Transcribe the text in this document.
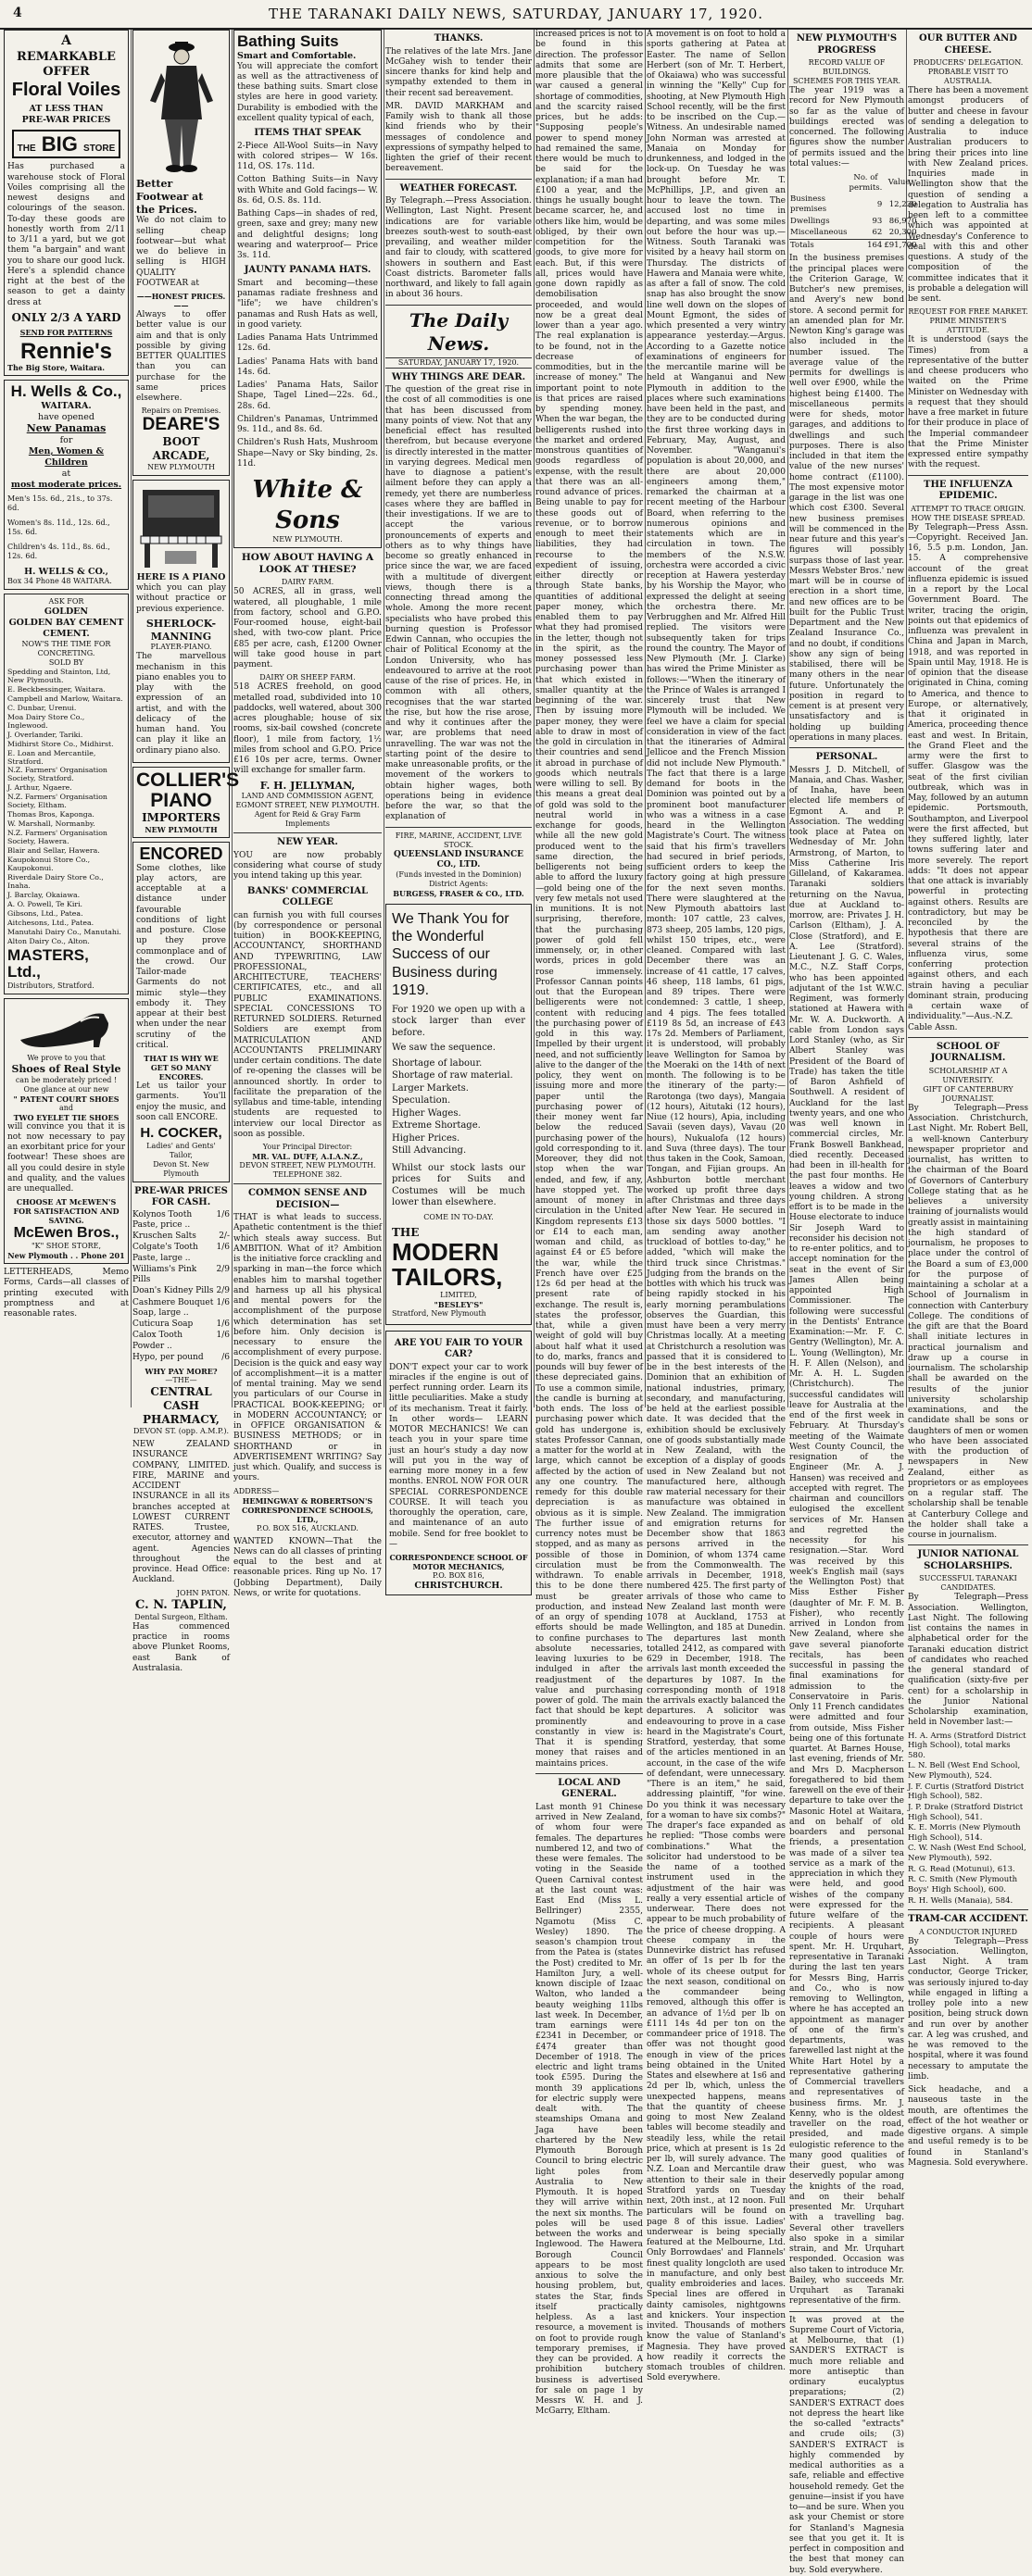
4	THE TARANAKI DAILY NEWS, SATURDAY, JANUARY 17, 1920.
A
REMARKABLE
OFFER
Floral Voiles
AT LESS THAN
PRE-WAR PRICES
THE BIG STORE

Has purchased a warehouse stock of Floral Voiles comprising all the newest designs and colourings of the season. To-day these goods are honestly worth from 2/11 to 3/11 a yard, but we got them "a bargain" and want you to share our good luck. Here's a splendid chance right at the best of the season to get a dainty dress at

ONLY 2/3 A YARD
SEND FOR PATTERNS
Rennie's
The Big Store, Waitara.
H. Wells & Co.,
WAITARA.
have opened
New Panamas
for
Men, Women & Children
at
most moderate prices.
Men's 15s. 6d., 21s., to 37s. 6d.
Women's 8s. 11d., 12s. 6d., 15s. 6d.
Children's 4s. 11d., 8s. 6d., 12s. 6d.
H. WELLS & CO.,
Box 34 Phone 48 WAITARA.
ASK FOR
GOLDEN
GOLDEN BAY CEMENT
CEMENT.
NOW'S THE TIME FOR CONCRETING.
SOLD BY
Spedding and Stainton, Ltd, New Plymouth.
E. Beckbessinger, Waitara.
Campbell and Marlow, Waitara.
C. Dunbar, Urenui.
Moa Dairy Store Co., Inglewood.
J. Overlander, Tariki.
Midhirst Store Co., Midhirst.
E. Loan and Mercantile, Stratford.
N.Z. Farmers' Organisation Society, Stratford.
J. Arthur, Ngaere.
N.Z. Farmers' Organisation Society, Eltham.
Thomas Bros, Kaponga.
W. Marshall, Normanby.
N.Z. Farmers' Organisation Society, Hawera.
Blair and Sellar, Hawera.
Kaupokonui Store Co., Kaupokonui.
Riverdale Dairy Store Co., Inaha.
J. Barclay, Okaiawa.
A. O. Powell, Te Kiri.
Gibsons, Ltd., Patea.
Aitchesons, Ltd., Patea.
Manutahi Dairy Co., Manutahi.
Alton Dairy Co., Alton.
MASTERS, Ltd.,
Distributors, Stratford.
We prove to you that
Shoes of Real Style
can be moderately priced !
One glance at our new
" PATENT COURT SHOES
and
TWO EYELET TIE SHOES

will convince you that it is not now necessary to pay an exorbitant price for your footwear! These shoes are all you could desire in style and quality, and the values are unequalled.

CHOOSE AT McEWEN'S FOR SATISFACTION AND SAVING.
McEwen Bros.,
"K" SHOE STORE,
New Plymouth . . Phone 201

LETTERHEADS, Memo Forms, Cards—all classes of printing executed with promptness and at reasonable rates.

Better Footwear at
the Prices.

We do not claim to selling cheap footwear—but what we do believe in selling is HIGH QUALITY FOOTWEAR at

——HONEST PRICES.——

Always to offer better value is our aim and that is only possible by giving BETTER QUALITIES than you can purchase for the same prices elsewhere.

Repairs on Premises.
DEARE'S
BOOT ARCADE,
NEW PLYMOUTH
HERE IS A PIANO

which you can play without practice or previous experience.

SHERLOCK-MANNING
PLAYER-PIANO.

The marvellous mechanism in this piano enables you to play with the expression of an artist, and with the delicacy of the human hand. You can play it like an ordinary piano also.

COLLIER'S
PIANO
IMPORTERS
NEW PLYMOUTH
ENCORED

Some clothes, like play actors, are acceptable at a distance under favourable conditions of light and posture. Close up they prove commonplace and of the crowd. Our Tailor-made Garments do not mimic style—they embody it. They appear at their best when under the near scrutiny of the critical.

THAT IS WHY WE GET SO MANY ENCORES.

Let us tailor your garments. You'll enjoy the music, and soon call ENCORE.

H. COCKER,
Ladies' and Gents' Tailor,
Devon St. New Plymouth
PRE-WAR PRICES FOR CASH.
Kolynos Tooth Paste, price ..
1/6
Kruschen Salts	2/-
Colgate's Tooth Paste, large ..
1/6
Williams's Pink Pills
2/9
Doan's Kidney Pills 2/9
Cashmere Bouquet Soap, large ..
1/6
Cuticura Soap	1/6
Calox Tooth Powder ..
1/6
Hypo, per pound /6
WHY PAY MORE?
—THE—
CENTRAL CASH
PHARMACY,
DEVON ST. (opp. A.M.P.).

NEW ZEALAND INSURANCE COMPANY, LIMITED. FIRE, MARINE and ACCIDENT INSURANCE in all its branches accepted at LOWEST CURRENT RATES. Trustee, executor, attorney and agent. Agencies throughout the province. Head Office: Auckland.

JOHN PATON.
C. N. TAPLIN,
Dental Surgeon, Eltham.

Has commenced practice in rooms above Plunket Rooms, east Bank of Australasia.

Bathing Suits
Smart and Comfortable.

You will appreciate the comfort as well as the attractiveness of these bathing suits. Smart close styles are here in good variety. Durability is embodied with the excellent quality typical of each,

ITEMS THAT SPEAK

2-Piece All-Wool Suits—in Navy with colored stripes— W 16s. 11d, OS. 17s. 11d.

Cotton Bathing Suits—in Navy with White and Gold facings— W. 8s. 6d, O.S. 8s. 11d.

Bathing Caps—in shades of red, green, saxe and grey; many new and delightful designs; long wearing and waterproof— Price 3s. 11d.

JAUNTY PANAMA HATS.

Smart and becoming—these panamas radiate freshness and "life"; we have children's panamas and Rush Hats as well, in good variety.

Ladies Panama Hats Untrimmed 12s. 6d.

Ladies' Panama Hats with band 14s. 6d.

Ladies' Panama Hats, Sailor Shape, Tagel Lined—22s. 6d., 28s. 6d.

Children's Panamas, Untrimmed 9s. 11d., and 8s. 6d.

Children's Rush Hats, Mushroom Shape—Navy or Sky binding, 2s. 11d.

White & Sons
NEW PLYMOUTH.
HOW ABOUT HAVING A LOOK AT THESE?
DAIRY FARM.

50 ACRES, all in grass, well watered, all ploughable, 1 mile from factory, school and G.P.O. Four-roomed house, eight-bail shed, with two-cow plant. Price £85 per acre, cash, £1200 Owner will take good house in part payment.

DAIRY OR SHEEP FARM.

518 ACRES freehold, on good metalled road, subdivided into 10 paddocks, well watered, about 300 acres ploughable; house of six rooms, six-bail cowshed (concrete floor), 1 mile from factory, 1½ miles from school and G.P.O. Price £16 10s per acre, terms. Owner will exchange for smaller farm.

F. H. JELLYMAN,
LAND AND COMMISSION AGENT, EGMONT STREET, NEW PLYMOUTH.
Agent for Reid & Gray Farm Implements
NEW YEAR.

YOU are now probably considering what course of study you intend taking up this year.

BANKS' COMMERCIAL COLLEGE

can furnish you with full courses (by correspondence or personal tuition) in BOOK-KEEPING, ACCOUNTANCY, SHORTHAND AND TYPEWRITING, LAW PROFESSIONAL, ARCHITECTURE, TEACHERS' CERTIFICATES, etc., and all PUBLIC EXAMINATIONS. SPECIAL CONCESSIONS TO RETURNED SOLDIERS. Returned Soldiers are exempt from MATRICULATION AND ACCOUNTANTS PRELIMINARY under certain conditions. The date of re-opening the classes will be announced shortly. In order to facilitate the preparation of the syllabus and time-table, intending students are requested to interview our local Director as soon as possible.

Your Principal Director:
MR. VAL. DUFF, A.I.A.N.Z.,
DEVON STREET, NEW PLYMOUTH.
TELEPHONE 382.
COMMON SENSE AND DECISION—

THAT is what leads to success. Apathetic contentment is the thief which steals away success. But AMBITION. What of it? Ambition is the initiative force crackling and sparking in man—the force which enables him to marshal together and harness up all his physical and mental powers for the accomplishment of the purpose which determination has set before him. Only decision is necessary to ensure the accomplishment of every purpose. Decision is the quick and easy way of accomplishment—it is a matter of mental training. May we send you particulars of our Course in PRACTICAL BOOK-KEEPING; or in MODERN ACCOUNTANCY; or in OFFICE ORGANISATION & BUSINESS METHODS; or in SHORTHAND or in ADVERTISEMENT WRITING? Say just which. Qualify, and success is yours.

ADDRESS—
HEMINGWAY & ROBERTSON'S CORRESPONDENCE SCHOOLS, LTD.,
P.O. BOX 516, AUCKLAND.

WANTED KNOWN—That the News can do all classes of printing equal to the best and at reasonable prices. Ring up No. 17 (Jobbing Department), Daily News, or write for quotations.

THANKS.

The relatives of the late Mrs. Jane McGahey wish to tender their sincere thanks for kind help and sympathy extended to them in their recent sad bereavement.

MR. DAVID MARKHAM and Family wish to thank all those kind friends who by their messages of condolence and expressions of sympathy helped to lighten the grief of their recent bereavement.

WEATHER FORECAST.

By Telegraph.—Press Association. Wellington, Last Night. Present indications are for variable breezes south-west to south-east prevailing, and weather milder and fair to cloudy, with scattered showers in southern and East Coast districts. Barometer falls northward, and likely to fall again in about 36 hours.

The Daily News.
SATURDAY, JANUARY 17, 1920.
WHY THINGS ARE DEAR.

The question of the great rise in the cost of all commodities is one that has been discussed from many points of view. Not that any beneficial effect has resulted therefrom, but because everyone is directly interested in the matter in varying degrees. Medical men have to diagnose a patient's ailment before they can apply a remedy, yet there are numberless cases where they are baffled in their investigations. If we are to accept the various pronouncements of experts and others as to why things have become so greatly enhanced in price since the war, we are faced with a multitude of divergent views, though there is a connecting thread among the whole. Among the more recent specialists who have probed this burning question is Professor Edwin Cannan, who occupies the chair of Political Economy at the London University, who has endeavoured to arrive at the root cause of the rise of prices. He, in common with all others, recognises that the war started the rise, but how the rise arose, and why it continues after the war, are problems that need unravelling. The war was not the starting point of the desire to make unreasonable profits, or the movement of the workers to obtain higher wages, both operations being in evidence before the war, so that the explanation of

FIRE, MARINE, ACCIDENT, LIVE STOCK.
QUEENSLAND INSURANCE CO., LTD.
(Funds invested in the Dominion) District Agents:
BURGESS, FRASER & CO., LTD.
We Thank You for the Wonderful Success of our Business during 1919.

For 1920 we open up with a stock larger than ever before.

We saw the sequence.
Shortage of labour.
Shortage of raw material.
Larger Markets.
Speculation.
Higher Wages.
Extreme Shortage.
Higher Prices.
Still Advancing.

Whilst our stock lasts our prices for Suits and Costumes will be much lower than elsewhere.

COME IN TO-DAY.
THE
MODERN
TAILORS,
LIMITED,
"BESLEY'S"
Stratford, New Plymouth
ARE YOU FAIR TO YOUR CAR?

DON'T expect your car to work miracles if the engine is out of perfect running order. Learn its little peculiarities. Make a study of its mechanism. Treat it fairly. In other words— LEARN MOTOR MECHANICS! We can teach you in your spare time just an hour's study a day now will put you in the way of earning more money in a few months. ENROL NOW FOR OUR SPECIAL CORRESPONDENCE COURSE. It will teach you thoroughly the operation, care, and maintenance of an auto mobile. Send for free booklet to—

CORRESPONDENCE SCHOOL OF MOTOR MECHANICS,
P.O. BOX 816,
CHRISTCHURCH.

increased prices is not to be found in this direction. The professor admits that some are more plausible that the war caused a general shortage of commodities, and the scarcity raised prices, but he adds: "Supposing people's power to spend money had remained the same, there would be much to be said for the explanation; if a man had £100 a year, and the things he usually bought became scarcer, he, and others like him, would be obliged, by their own competition for the goods, to give more for each. But, if this were all, prices would have gone down rapidly as demobilisation proceeded, and would now be a great deal lower than a year ago. The real explanation is to be found, not in the decrease of commodities, but in the increase of money." The important point to note is that prices are raised by spending money. When the war began, the belligerents rushed into the market and ordered monstrous quantities of goods regardless of expense, with the result that there was an all-round advance of prices. Being unable to pay for these goods out of revenue, or to borrow enough to meet their liabilities, they had recourse to the expedient of issuing, either directly or through State banks, quantities of additional paper money, which enabled them to pay what they had promised in the letter, though not in the spirit, as the money possessed less purchasing power than that which existed in smaller quantity at the beginning of the war. Then by issuing more paper money, they were able to draw in most of the gold in circulation in their countries and send it abroad in purchase of goods which neutrals were willing to sell. By this means a great deal of gold was sold to the neutral world in exchange for goods, while all the new gold produced went to the same direction, the belligerents not being able to afford the luxury—gold being one of the very few metals not used in munitions. It is not surprising, therefore, that the purchasing power of gold fell immensely, or, in other words, prices in gold rose immensely. Professor Cannan points out that the European belligerents were not content with reducing the purchasing power of gold in this way. Impelled by their urgent need, and not sufficiently alive to the danger of the policy, they went on issuing more and more paper until the purchasing power of their money went far below the reduced purchasing power of the gold corresponding to it. Moreover, they did not stop when the war ended, and few, if any, have stopped yet. The amount of money in circulation in the United Kingdom represents £13 or £14 to each man, woman and child, as against £4 or £5 before the war, while the French have over £25 12s 6d per head at the present rate of exchange. The result is, states the professor, that, while a given weight of gold will buy about half what it used to do, marks, francs and pounds will buy fewer of these depreciated gains. To use a common simile, the candle is burning at both ends. The loss of purchasing power which gold has undergone is, states Professor Cannan, a matter for the world at large, which cannot be affected by the action of any one country. The remedy for this double depreciation is as obvious as it is simple. The further issue of currency notes must be stopped, and as many as possible of those in circulation must be withdrawn. To enable this to be done there must be greater production, and instead of an orgy of spending efforts should be made to confine purchases to absolute necessaries, leaving luxuries to be indulged in after the readjustment of the value and purchasing power of gold. The main fact that should be kept prominently and constantly in view is: That it is spending money that raises and maintains prices.

LOCAL AND GENERAL.

Last month 91 Chinese arrived in New Zealand, of whom four were females. The departures numbered 12, and two of these were females. The voting in the Seaside Queen Carnival contest at the last count was: East End (Miss L. Bellringer) 2355, Ngamotu (Miss C. Wesley) 1890. The season's champion trout from the Patea is (states the Post) credited to Mr. Hamilton Jury, a well-known disciple of Izaac Walton, who landed a beauty weighing 11lbs last week. In December, tram earnings were £2341 in December, or £474 greater than December of 1918. The electric and light trams took £595. During the month 39 applications for electric supply were dealt with. The steamships Omana and Jaga have been chartered by the New Plymouth Borough Council to bring electric light poles from Australia to New Plymouth. It is hoped they will arrive within the next six months. The poles will be used between the works and Inglewood. The Hawera Borough Council appears to be most anxious to solve the housing problem, but, states the Star, finds itself practically helpless. As a last resource, a movement is on foot to provide rough temporary premises, if they can be provided. A prohibition butchery business is advertised for sale on page 1 by Messrs W. H. and J. McGarry, Eltham.

A movement is on foot to hold a sports gathering at Patea at Easter. The name of Sellon Herbert (son of Mr. T. Herbert, of Okaiawa) who was successful in winning the "Kelly" Cup for shooting, at New Plymouth High School recently, will be the first to be inscribed on the Cup.—Witness. An undesirable named John Norman was arrested at Manaia on Monday for drunkenness, and lodged in the lock-up. On Tuesday he was brought before Mr. T. McPhillips, J.P., and given an hour to leave the town. The accused lost no time in departing, and was some miles out before the hour was up.—Witness. South Taranaki was visited by a heavy hail storm on Thursday. The districts of Hawera and Manaia were white, as after a fall of snow. The cold snap has also brought the snow line well down on the slopes of Mount Egmont, the sides of which presented a very wintry appearance yesterday.—Argus. According to a Gazette notice examinations of engineers for the mercantile marine will be held at Wanganui and New Plymouth in addition to the places where such examinations have been held in the past, and they are to be conducted during the first three working days in February, May, August, and November. "Wanganui's population is about 20,000, and there are about 20,000 engineers among them," remarked the chairman at a recent meeting of the Harbour Board, when referring to the numerous opinions and statements which are in circulation in town. The members of the N.S.W. orchestra were accorded a civic reception at Hawera yesterday by his Worship the Mayor, who expressed the delight at seeing the orchestra there. Mr. Verbrugghen and Mr. Alfred Hill replied. The visitors were subsequently taken for trips round the country. The Mayor of New Plymouth (Mr. J. Clarke) has wired the Prime Minister as follows:—"When the itinerary of the Prince of Wales is arranged I sincerely trust that New Plymouth will be included. We feel we have a claim for special consideration in view of the fact that the itineraries of Admiral Jellicoe and the French Mission did not include New Plymouth." The fact that there is a large demand for boots in the Dominion was pointed out by a prominent boot manufacturer who was a witness in a case heard in the Wellington Magistrate's Court. The witness said that his firm's travellers had secured in brief periods, sufficient orders to keep the factory going at high pressure for the next seven months. There were slaughtered at the New Plymouth abattoirs last month: 107 cattle, 23 calves, 873 sheep, 205 lambs, 120 pigs, whilst 150 tripes, etc., were cleaned. Compared with last December there was an increase of 41 cattle, 17 calves, 46 sheep, 118 lambs, 61 pigs, and 89 tripes. There were condemned: 3 cattle, 1 sheep, and 4 pigs. The fees totalled £119 8s 5d, an increase of £43 17s 2d. Members of Parliament, it is understood, will probably leave Wellington for Samoa by the Moeraki on the 14th of next month. The following is to be the itinerary of the party:—Rarotonga (two days), Mangaia (12 hours), Aitutaki (12 hours), Niue (12 hours), Apia, including Savaii (seven days), Vavau (20 hours), Nukualofa (12 hours) and Suva (three days). The tour thus taken in the Cook, Samoan, Tongan, and Fijian groups. An Ashburton bottle merchant worked up profit three days after Christmas and three days after New Year. He secured in those six days 5000 bottles. "I am sending away another truckload of bottles to-day," he added, "which will make the third truck since Christmas." Judging from the brands on the bottles with which his truck was being rapidly stocked in his early morning perambulations observes the Guardian, this must have been a very merry Christmas locally. At a meeting at Christchurch a resolution was passed that it is considered to be in the best interests of the Dominion that an exhibition of national industries, primary, secondary, and manufacturing, be held at the earliest possible date. It was decided that the exhibition should be exclusively one of goods substantially made in New Zealand, with the exception of a display of goods used in New Zealand but not manufactured here, although raw material necessary for their manufacture was obtained in New Zealand. The immigration and emigration returns for December show that 1863 persons arrived in the Dominion, of whom 1374 came from the Commonwealth. The arrivals in December, 1918, numbered 425. The first party of arrivals of those who came to New Zealand last month were 1078 at Auckland, 1753 at Wellington, and 185 at Dunedin. The departures last month totalled 2412, as compared with 629 in December, 1918. The arrivals last month exceeded the departures by 1087. In the corresponding month of 1918 the arrivals exactly balanced the departures. A solicitor was endeavouring to prove in a case heard in the Magistrate's Court, Stratford, yesterday, that some of the articles mentioned in an account, in the case of the wife of defendant, were unnecessary. "There is an item," he said, addressing plaintiff, "for wine. Do you think it was necessary for a woman to have six combs?" The draper's face expanded as he replied: "Those combs were combinations." What the solicitor had understood to be the name of a toothed instrument used in the adjustment of the hair was really a very essential article of underwear. There does not appear to be much probability of the price of cheese dropping. A cheese company in the Dunnevirke district has refused an offer of 1s per lb for the whole of its cheese output for the next season, conditional on the commandeer being removed, although this offer is an advance of 1½d per lb on £111 14s 4d per ton on the commandeer price of 1918. The offer was not thought good enough in view of the prices being obtained in the United States and elsewhere at 1s6 and 2d per lb, which, unless the unexpected happens, means that the quantity of cheese going to most New Zealand tables will become steadily and steadily less, while the retail price, which at present is 1s 2d per lb, will surely advance. The N.Z. Loan and Mercantile draw attention to their sale in their Stratford yards on Tuesday next, 20th inst., at 12 noon. Full particulars will be found on page 8 of this issue. Ladies' underwear is being specially featured at the Melbourne, Ltd. Only Borrowdaes' and Flannels' finest quality longcloth are used in manufacture, and only best quality embroideries and laces. Special lines are offered in dainty camisoles, nightgowns and knickers. Your inspection invited. Thousands of mothers know the value of Stanland's Magnesia. They have proved how readily it corrects the stomach troubles of children. Sold everywhere.

NEW PLYMOUTH'S PROGRESS
RECORD VALUE OF BUILDINGS.
SCHEMES FOR THIS YEAR.

The year 1919 was a record for New Plymouth so far as the value of buildings erected was concerned. The following figures show the number of permits issued and the total values:—

	No. of permits.	Value.
Business premises	9	12,230
Dwellings	93	86,970
Miscellaneous	62	20,300
Totals	164	£91,700

In the business premises the principal places were the Criterion Garage, W. Butcher's new premises, and Avery's new bond store. A second permit for an amended plan for Mr. Newton King's garage was also included in the number issued. The average value of the permits for dwellings is well over £900, while the highest being £1400. The miscellaneous permits were for sheds, motor garages, and additions to dwellings and such purposes. There is also included in that item the value of the new nurses' home contract (£1100). The most expensive motor garage in the list was one which cost £300. Several new business premises will be commenced in the near future and this year's figures will possibly surpass those of last year. Messrs Webster Bros.' new mart will be in course of erection in a short time, and new offices are to be built for the Public Trust Department and the New Zealand Insurance Co., and no doubt, if conditions show any sign of being stabilised, there will be many others in the near future. Unfortunately the position in regard to cement is at present very unsatisfactory and is holding up building operations in many places.

PERSONAL.

Messrs J. D. Mitchell, of Manaia, and Chas. Washer, of Inaha, have been elected life members of Egmont A. and P. Association. The wedding took place at Patea on Wednesday of Mr. John Armstrong, of Marton, to Miss Catherine Iris Gilleland, of Kakaramea. Taranaki soldiers returning on the Navua, due at Auckland to-morrow, are: Privates J. H. Carlson (Eltham), J. A. Close (Stratford), and E. A. Lee (Stratford). Lieutenant J. G. C. Wales, M.C., N.Z. Staff Corps, who has been appointed adjutant of the 1st W.W.C. Regiment, was formerly stationed at Hawera with Mr. W. A. Duckworth. A cable from London says Lord Stanley (who, as Sir Albert Stanley was President of the Board of Trade) has taken the title of Baron Ashfield of Southwell. A resident of Auckland for the last twenty years, and one who was well known in commercial circles, Mr. Frank Boswell Bankhead, died recently. Deceased had been in ill-health for the past four months. He leaves a widow and two young children. A strong effort is to be made in the House electorate to induce Sir Joseph Ward to reconsider his decision not to re-enter politics, and to accept nomination for the seat in the event of Sir James Allen being appointed High Commissioner. The following were successful in the Dentists' Entrance Examination:—Mr. F. C. Gentry (Wellington), Mr. A. L. Young (Wellington), Mr. H. F. Allen (Nelson), and Mr. A. H. L. Sugden (Christchurch). The successful candidates will leave for Australia at the end of the first week in February. At Thursday's meeting of the Waimate West County Council, the resignation of the Engineer (Mr. A. J. Hansen) was received and accepted with regret. The chairman and councillors eulogised the excellent services of Mr. Hansen and regretted the necessity for his resignation.—Star. Word was received by this week's English mail (says the Wellington Post) that Miss Esther Fisher (daughter of Mr. F. M. B. Fisher), who recently arrived in London from New Zealand, where she gave several pianoforte recitals, has been successful in passing the final examinations for admission to the Conservatoire in Paris. Only 11 French candidates were admitted and four from outside, Miss Fisher being one of this fortunate quartet. At Barnes House, last evening, friends of Mr. and Mrs D. Macpherson foregathered to bid them farewell on the eve of their departure to take over the Masonic Hotel at Waitara, and on behalf of old boarders and personal friends, a presentation was made of a silver tea service as a mark of the appreciation in which they were held, and good wishes of the company were expressed for the future welfare of the recipients. A pleasant couple of hours were spent. Mr. H. Urquhart, representative in Taranaki during the last ten years for Messrs Bing, Harris and Co., who is now removing to Wellington, where he has accepted an appointment as manager of one of the firm's departments, was farewelled last night at the White Hart Hotel by a representative gathering of Commercial travellers and representatives of business firms. Mr. J. Kenny, who is the oldest traveller on the road, presided, and made eulogistic reference to the many good qualities of their guest, who was deservedly popular among the knights of the road, and on their behalf presented Mr. Urquhart with a travelling bag. Several other travellers also spoke in a similar strain, and Mr. Urquhart responded. Occasion was also taken to introduce Mr. Bailey, who succeeds Mr. Urquhart as Taranaki representative of the firm.

It was proved at the Supreme Court of Victoria, at Melbourne, that (1) SANDER'S EXTRACT is much more reliable and more antiseptic than ordinary eucalyptus preparations; (2) SANDER'S EXTRACT does not depress the heart like the so-called "extracts" and crude oils; (3) SANDER'S EXTRACT is highly commended by medical authorities as a safe, reliable and effective household remedy. Get the genuine—insist if you have to—and be sure. When you ask your Chemist or store for Stanland's Magnesia see that you get it. It is perfect in composition and the best that money can buy. Sold everywhere.

OUR BUTTER AND CHEESE.
PRODUCERS' DELEGATION.
PROBABLE VISIT TO AUSTRALIA.

There has been a movement amongst producers of butter and cheese in favour of sending a delegation to Australia to induce Australian producers to bring their prices into line with New Zealand prices. Inquiries made in Wellington show that the question of sending a delegation to Australia has been left to a committee which was appointed at Wednesday's Conference to deal with this and other questions. A study of the composition of the committee indicates that it is probable a delegation will be sent.

REQUEST FOR FREE MARKET.
PRIME MINISTER'S ATTITUDE.

It is understood (says the Times) from a representative of the butter and cheese producers who waited on the Prime Minister on Wednesday with a request that they should have a free market in future for their produce in place of the Imperial commandeer that the Prime Minister expressed entire sympathy with the request.

THE INFLUENZA EPIDEMIC.
ATTEMPT TO TRACE ORIGIN.
HOW THE DISEASE SPREAD.

By Telegraph—Press Assn.—Copyright. Received Jan. 16, 5.5 p.m. London, Jan. 15. A comprehensive account of the great influenza epidemic is issued in a report by the Local Government Board. The writer, tracing the origin, points out that epidemics of influenza was prevalent in China and Japan in March, 1918, and was reported in Spain until May, 1918. He is of opinion that the disease originated in China, coming to America, and thence to Europe, or alternatively, that it originated in America, proceeding thence east and west. In Britain, the Grand Fleet and the army were the first to suffer. Glasgow was the seat of the first civilian outbreak, which was in May, followed by an autumn epidemic. Portsmouth, Southampton, and Liverpool were the first affected, but they suffered lightly, later towns suffering later and more severely. The report adds: "It does not appear that one attack is invariably powerful in protecting against others. Results are contradictory, but may be reconciled by the hypothesis that there are several strains of the influenza virus, some conferring protection against others, and each strain having a peculiar dominant strain, producing a certain waxe of individuality."—Aus.-N.Z. Cable Assn.

SCHOOL OF JOURNALISM.
SCHOLARSHIP AT A UNIVERSITY.
GIFT OF CANTERBURY JOURNALIST.

By Telegraph—Press Association. Christchurch, Last Night. Mr. Robert Bell, a well-known Canterbury newspaper proprietor and journalist, has written to the chairman of the Board of Governors of Canterbury College stating that as he believes a university training of journalists would greatly assist in maintaining the high standard of journalism, he proposes to place under the control of the Board a sum of £3,000 for the purpose of maintaining a scholar at a School of Journalism in connection with Canterbury College. The conditions of the gift are that the Board shall initiate lectures in practical journalism and draw up a course in journalism. The scholarship shall be awarded on the results of the junior university scholarship examinations, and the candidate shall be sons or daughters of men or women who have been associated with the production of newspapers in New Zealand, either as proprietors or as employees on a regular staff. The scholarship shall be tenable at Canterbury College and the holder shall take a course in journalism.

JUNIOR NATIONAL SCHOLARSHIPS.
SUCCESSFUL TARANAKI CANDIDATES.

By Telegraph—Press Association. Wellington, Last Night. The following list contains the names in alphabetical order for the Taranaki education district of candidates who reached the general standard of qualification (sixty-five per cent) for a scholarship in the Junior National Scholarship examination, held in November last:—

H. A. Arms (Stratford District High School), total marks 580.
L. N. Bell (West End School, New Plymouth), 524.
J. F. Curtis (Stratford District High School), 582.
J. P. Drake (Stratford District High School), 541.
K. E. Morris (New Plymouth High School), 514.
C. W. Nash (West End School, New Plymouth), 592.
R. G. Read (Motunui), 613.
R. C. Smith (New Plymouth Boys' High School), 600.
R. H. Wells (Manaia), 584.
TRAM-CAR ACCIDENT.
A CONDUCTOR INJURED

By Telegraph—Press Association. Wellington, Last Night. A tram conductor, George Tricker, was seriously injured to-day while engaged in lifting a trolley pole into a new position, being struck down and run over by another car. A leg was crushed, and he was removed to the hospital, where it was found necessary to amputate the limb.

Sick headache, and a nauseous taste in the mouth, are oftentimes the effect of the hot weather or digestive organs. A simple and useful remedy is to be found in Stanland's Magnesia. Sold everywhere.
